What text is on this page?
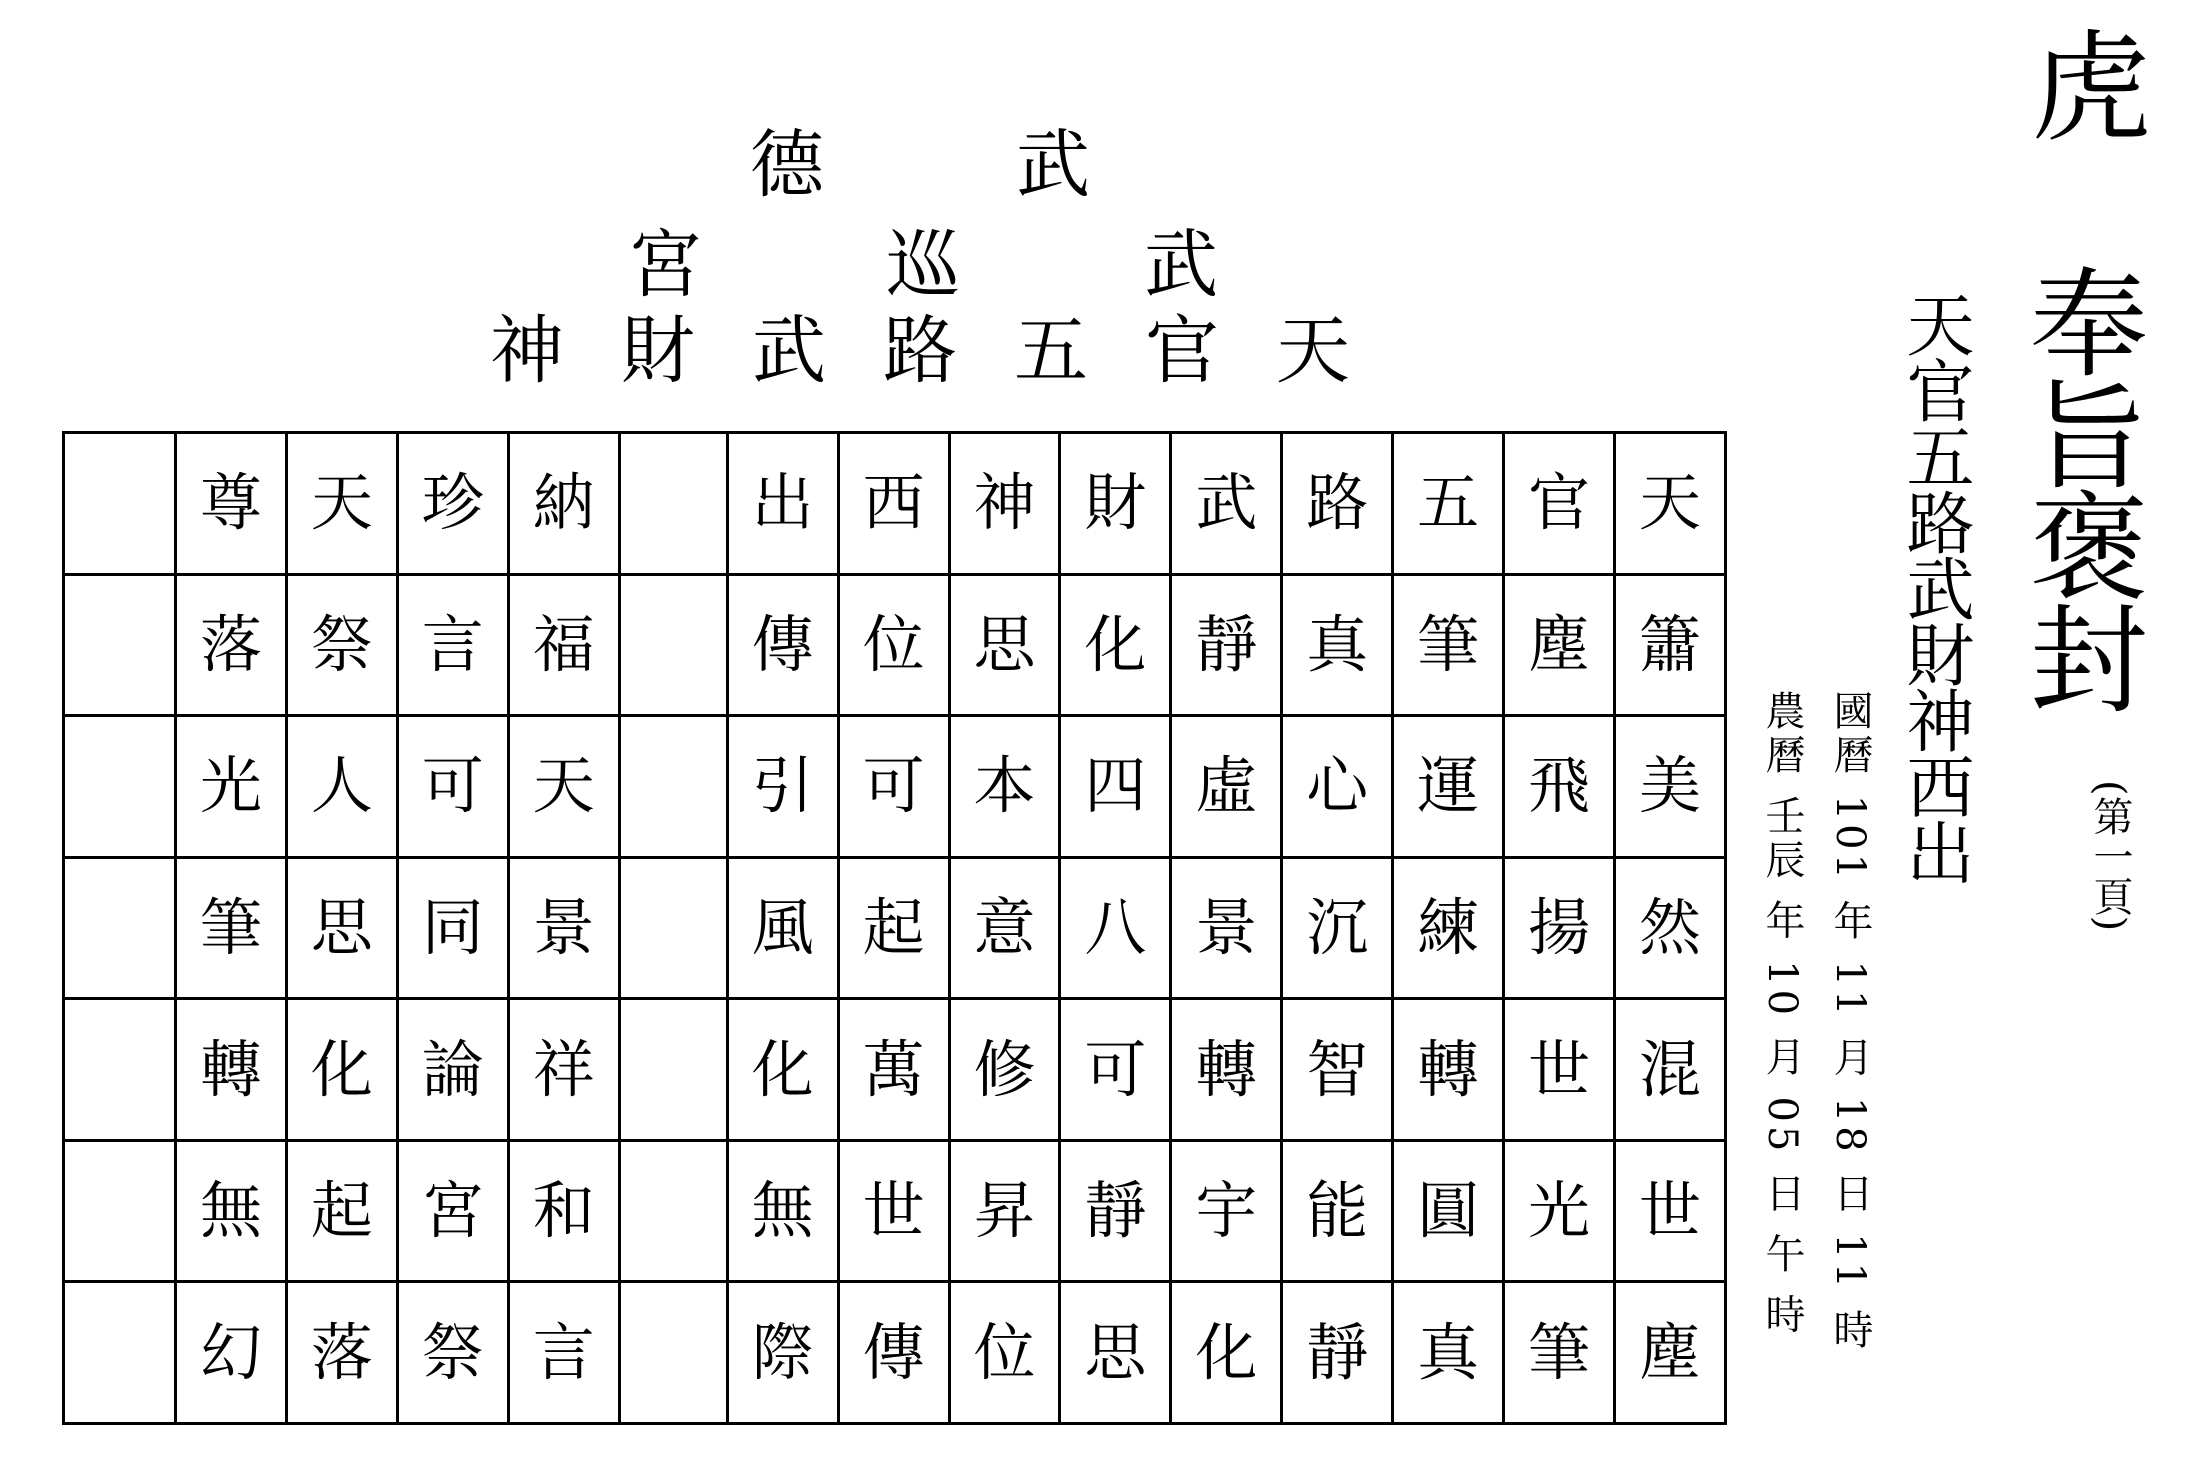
德	武
宮 巡 武
神 財 武 路 五 官 天
	尊	天	珍	納		出	西	神	財	武	路	五	官	天
	落	祭	言	福		傳	位	思	化	靜	真	筆	塵	簫
	光	人	可	天		引	可	本	四	虛	心	運	飛	美
	筆	思	同	景		風	起	意	八	景	沉	練	揚	然
	轉	化	論	祥		化	萬	修	可	轉	智	轉	世	混
	無	起	宮	和		無	世	昇	靜	宇	能	圓	光	世
	幻	落	祭	言		際	傳	位	思	化	靜	真	筆	塵
虎
奉旨褒封
(第一頁)
天官五路武財神西出
國曆 101 年 11 月 18 日 11 時
農曆 壬辰 年 10 月 05 日 午 時
